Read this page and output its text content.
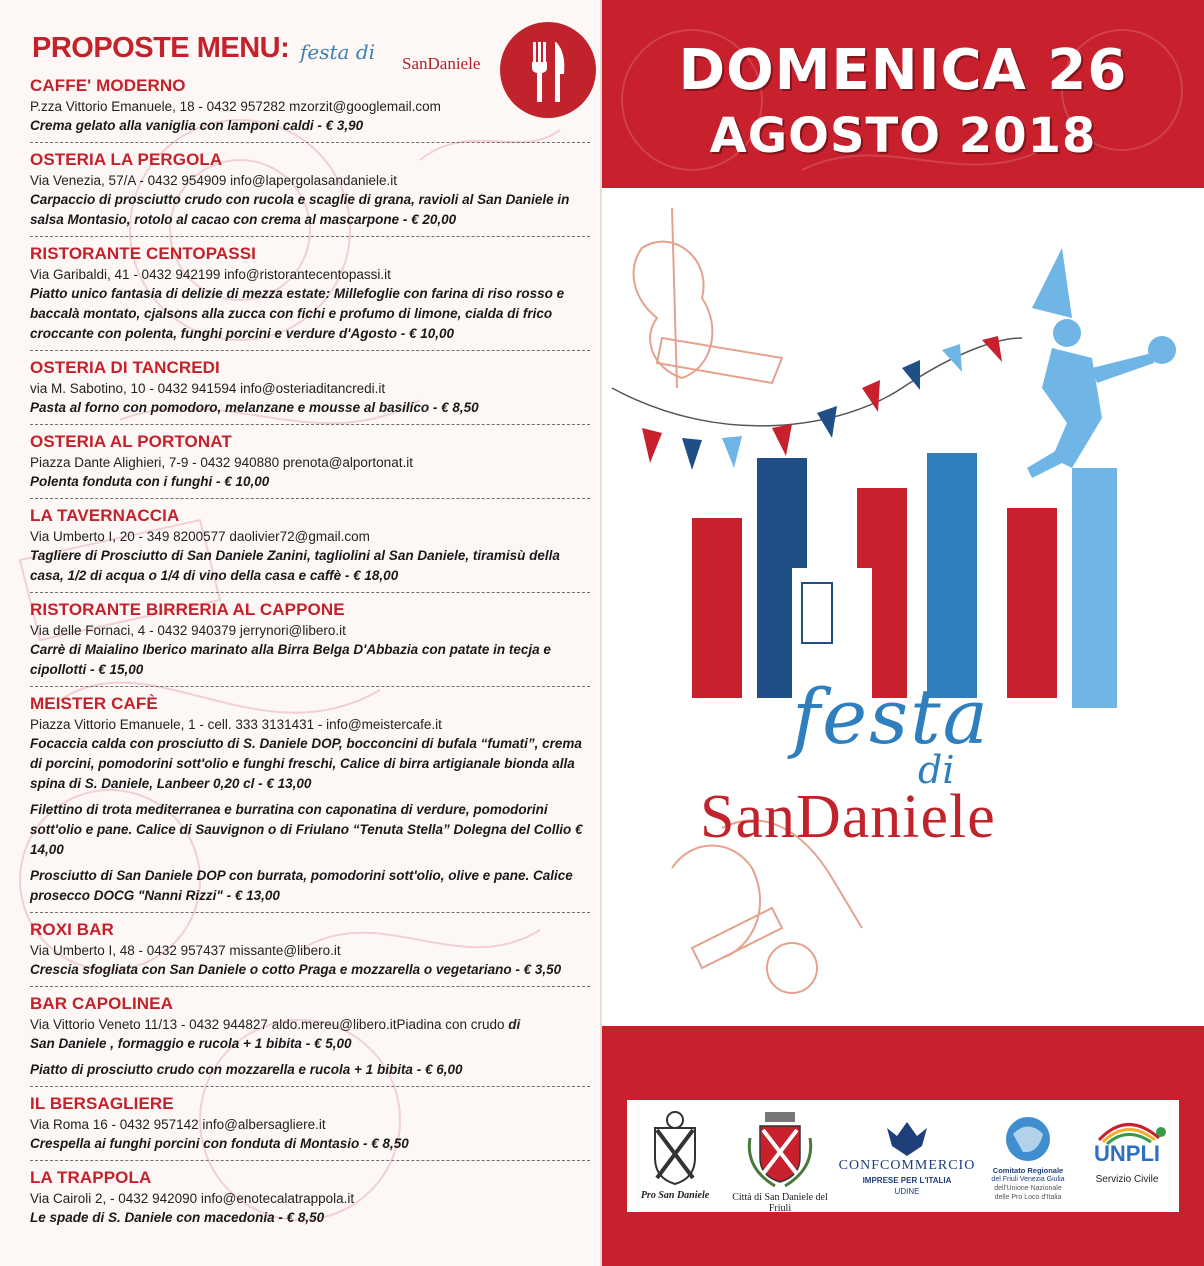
PROPOSTE MENU: festa di SanDaniele
CAFFE' MODERNO
P.zza Vittorio Emanuele, 18 - 0432 957282 mzorzit@googlemail.com
Crema gelato alla vaniglia con lamponi caldi - € 3,90
OSTERIA LA PERGOLA
Via Venezia, 57/A - 0432 954909 info@lapergolasandaniele.it
Carpaccio di prosciutto crudo con rucola e scaglie di grana, ravioli al San Daniele in salsa Montasio, rotolo al cacao con crema al mascarpone - € 20,00
RISTORANTE CENTOPASSI
Via Garibaldi, 41 - 0432 942199 info@ristorantecentopassi.it
Piatto unico fantasia di delizie di mezza estate: Millefoglie con farina di riso rosso e baccalà montato, cjalsons alla zucca con fichi e profumo di limone, cialda di frico croccante con polenta, funghi porcini e verdure d'Agosto - € 10,00
OSTERIA DI TANCREDI
via M. Sabotino, 10 - 0432 941594 info@osteriaditancredi.it
Pasta al forno con pomodoro, melanzane e mousse al basilico - € 8,50
OSTERIA AL PORTONAT
Piazza Dante Alighieri, 7-9 - 0432 940880 prenota@alportonat.it
Polenta fonduta con i funghi - € 10,00
LA TAVERNACCIA
Via Umberto I, 20 - 349 8200577 daolivier72@gmail.com
Tagliere di Prosciutto di San Daniele Zanini, tagliolini al San Daniele, tiramisù della casa, 1/2 di acqua o 1/4 di vino della casa e caffè - € 18,00
RISTORANTE BIRRERIA AL CAPPONE
Via delle Fornaci, 4 - 0432 940379 jerrynori@libero.it
Carrè di Maialino Iberico marinato alla Birra Belga D'Abbazia con patate in tecja e cipollotti - € 15,00
MEISTER CAFÈ
Piazza Vittorio Emanuele, 1 - cell. 333 3131431 - info@meistercafe.it
Focaccia calda con prosciutto di S. Daniele DOP, bocconcini di bufala “fumati”, crema di porcini, pomodorini sott'olio e funghi freschi, Calice di birra artigianale bionda alla spina di S. Daniele, Lanbeer 0,20 cl - € 13,00
Filettino di trota mediterranea e burratina con caponatina di verdure, pomodorini sott'olio e pane. Calice di Sauvignon o di Friulano “Tenuta Stella” Dolegna del Collio € 14,00
Prosciutto di San Daniele DOP con burrata, pomodorini sott'olio, olive e pane. Calice prosecco DOCG "Nanni Rizzi" - € 13,00
ROXI BAR
Via Umberto I, 48 - 0432 957437 missante@libero.it
Crescia sfogliata con San Daniele o cotto Praga e mozzarella o vegetariano - € 3,50
BAR CAPOLINEA
Via Vittorio Veneto 11/13 - 0432 944827 aldo.mereu@libero.itPiadina con crudo di
San Daniele , formaggio e rucola + 1 bibita - € 5,00
Piatto di prosciutto crudo con mozzarella e rucola + 1 bibita - € 6,00
IL BERSAGLIERE
Via Roma 16 - 0432 957142 info@albersagliere.it
Crespella ai funghi porcini con fonduta di Montasio - € 8,50
LA TRAPPOLA
Via Cairoli 2, - 0432 942090 info@enotecalatrappola.it
Le spade di S. Daniele con macedonia - € 8,50
DOMENICA 26
AGOSTO 2018
festa
di
SanDaniele
Pro San Daniele	Città di San Daniele del Friuli
CONFCOMMERCIO
IMPRESE PER L'ITALIA
UDINE
Comitato Regionale
del Friuli Venezia Giulia
dell'Unione Nazionale
delle Pro Loco d'Italia
UNPLI
Servizio Civile
